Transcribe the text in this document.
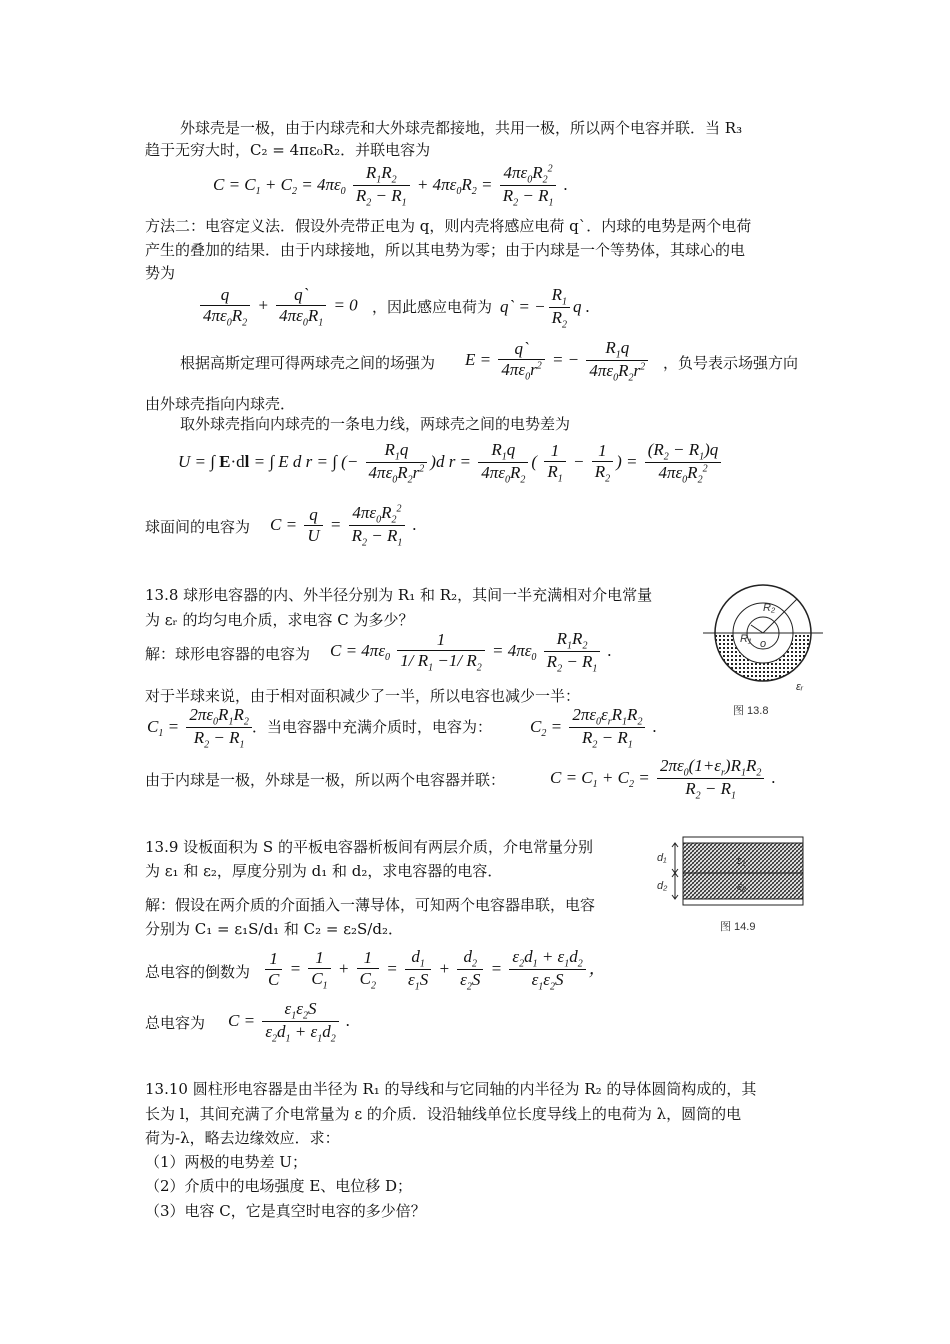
外球壳是一极，由于内球壳和大外球壳都接地，共用一极，所以两个电容并联．当 R₃
趋于无穷大时，C₂ = 4πε₀R₂．并联电容为
$C = C_1 + C_2 = 4\pi\varepsilon_0 \frac{R_1R_2}{R_2 - R_1} + 4\pi\varepsilon_0R_2 = \frac{4\pi\varepsilon_0R_2^2}{R_2 - R_1}$ .
方法二：电容定义法．假设外壳带正电为 q，则内壳将感应电荷 q`．内球的电势是两个电荷
产生的叠加的结果．由于内球接地，所以其电势为零；由于内球是一个等势体，其球心的电
势为
$\frac{q}{4\pi\varepsilon_0R_2} + \frac{q`}{4\pi\varepsilon_0R_1} = 0$ ，因此感应电荷为 q` = − $\frac{R_1}{R_2}$ q .
根据高斯定理可得两球壳之间的场强为 $E = \frac{q`}{4\pi\varepsilon_0r^2}$ = − $\frac{R_1q}{4\pi\varepsilon_0R_2r^2}$ ，负号表示场强方向
由外球壳指向内球壳．
取外球壳指向内球壳的一条电力线，两球壳之间的电势差为
U = ∫ E·dl = ∫ E d r = ∫ (− $\frac{R_1q}{4\pi\varepsilon_0R_2r^2} )d$ $r = \frac{R_1q}{4\pi\varepsilon_0R_2}$ ( $\frac{1}{R_1} - \frac{1}{R_2}$ ) = $\frac{(R_2 - R_1)q}{4\pi\varepsilon_0R_2^2}$
球面间的电容为 $C = \frac{q}{U} = \frac{4\pi\varepsilon_0R_2^2}{R_2 - R_1}$ .
13.8 球形电容器的内、外半径分别为 R₁ 和 R₂，其间一半充满相对介电常量
为 εᵣ 的均匀电介质，求电容 C 为多少？
解：球形电容器的电容为 $C = 4\pi\varepsilon_0 \frac{1}{1/ R_1 -1/ R_2} = 4\pi\varepsilon_0 \frac{R_1R_2}{R_2 - R_1}$ .
对于半球来说，由于相对面积减少了一半，所以电容也减少一半：
$C_1 = \frac{2\pi\varepsilon_0R_1R_2}{R_2 - R_1}$ ．当电容器中充满介质时，电容为： $C_2 = \frac{2\pi\varepsilon_0\varepsilon_rR_1R_2}{R_2 - R_1}$ .
由于内球是一极，外球是一极，所以两个电容器并联：	$C = C_1 + C_2 = \frac{2\pi\varepsilon_0(1+\varepsilon_r)R_1R_2}{R_2 - R_1}$ .
R₂
R₁ o
εᵣ
图 13.8
13.9 设板面积为 S 的平板电容器析板间有两层介质，介电常量分别
为 ε₁ 和 ε₂，厚度分别为 d₁ 和 d₂，求电容器的电容．
解：假设在两介质的介面插入一薄导体，可知两个电容器串联，电容
分别为 C₁ = ε₁S/d₁ 和 C₂ = ε₂S/d₂．
总电容的倒数为 $\frac{1}{C} = \frac{1}{C_1} + \frac{1}{C_2} = \frac{d_1}{\varepsilon_1S} + \frac{d_2}{\varepsilon_2S} = \frac{\varepsilon_2d_1 + \varepsilon_1d_2}{\varepsilon_1\varepsilon_2S}$ ，
总电容为 $C = \frac{\varepsilon_1\varepsilon_2S}{\varepsilon_2d_1 + \varepsilon_1d_2}$ .
d₁
d₂
ε₁
ε₂
图 14.9
13.10 圆柱形电容器是由半径为 R₁ 的导线和与它同轴的内半径为 R₂ 的导体圆筒构成的，其
长为 l，其间充满了介电常量为 ε 的介质．设沿轴线单位长度导线上的电荷为 λ，圆筒的电
荷为-λ，略去边缘效应．求：
（1）两极的电势差 U；
（2）介质中的电场强度 E、电位移 D；
（3）电容 C，它是真空时电容的多少倍？
